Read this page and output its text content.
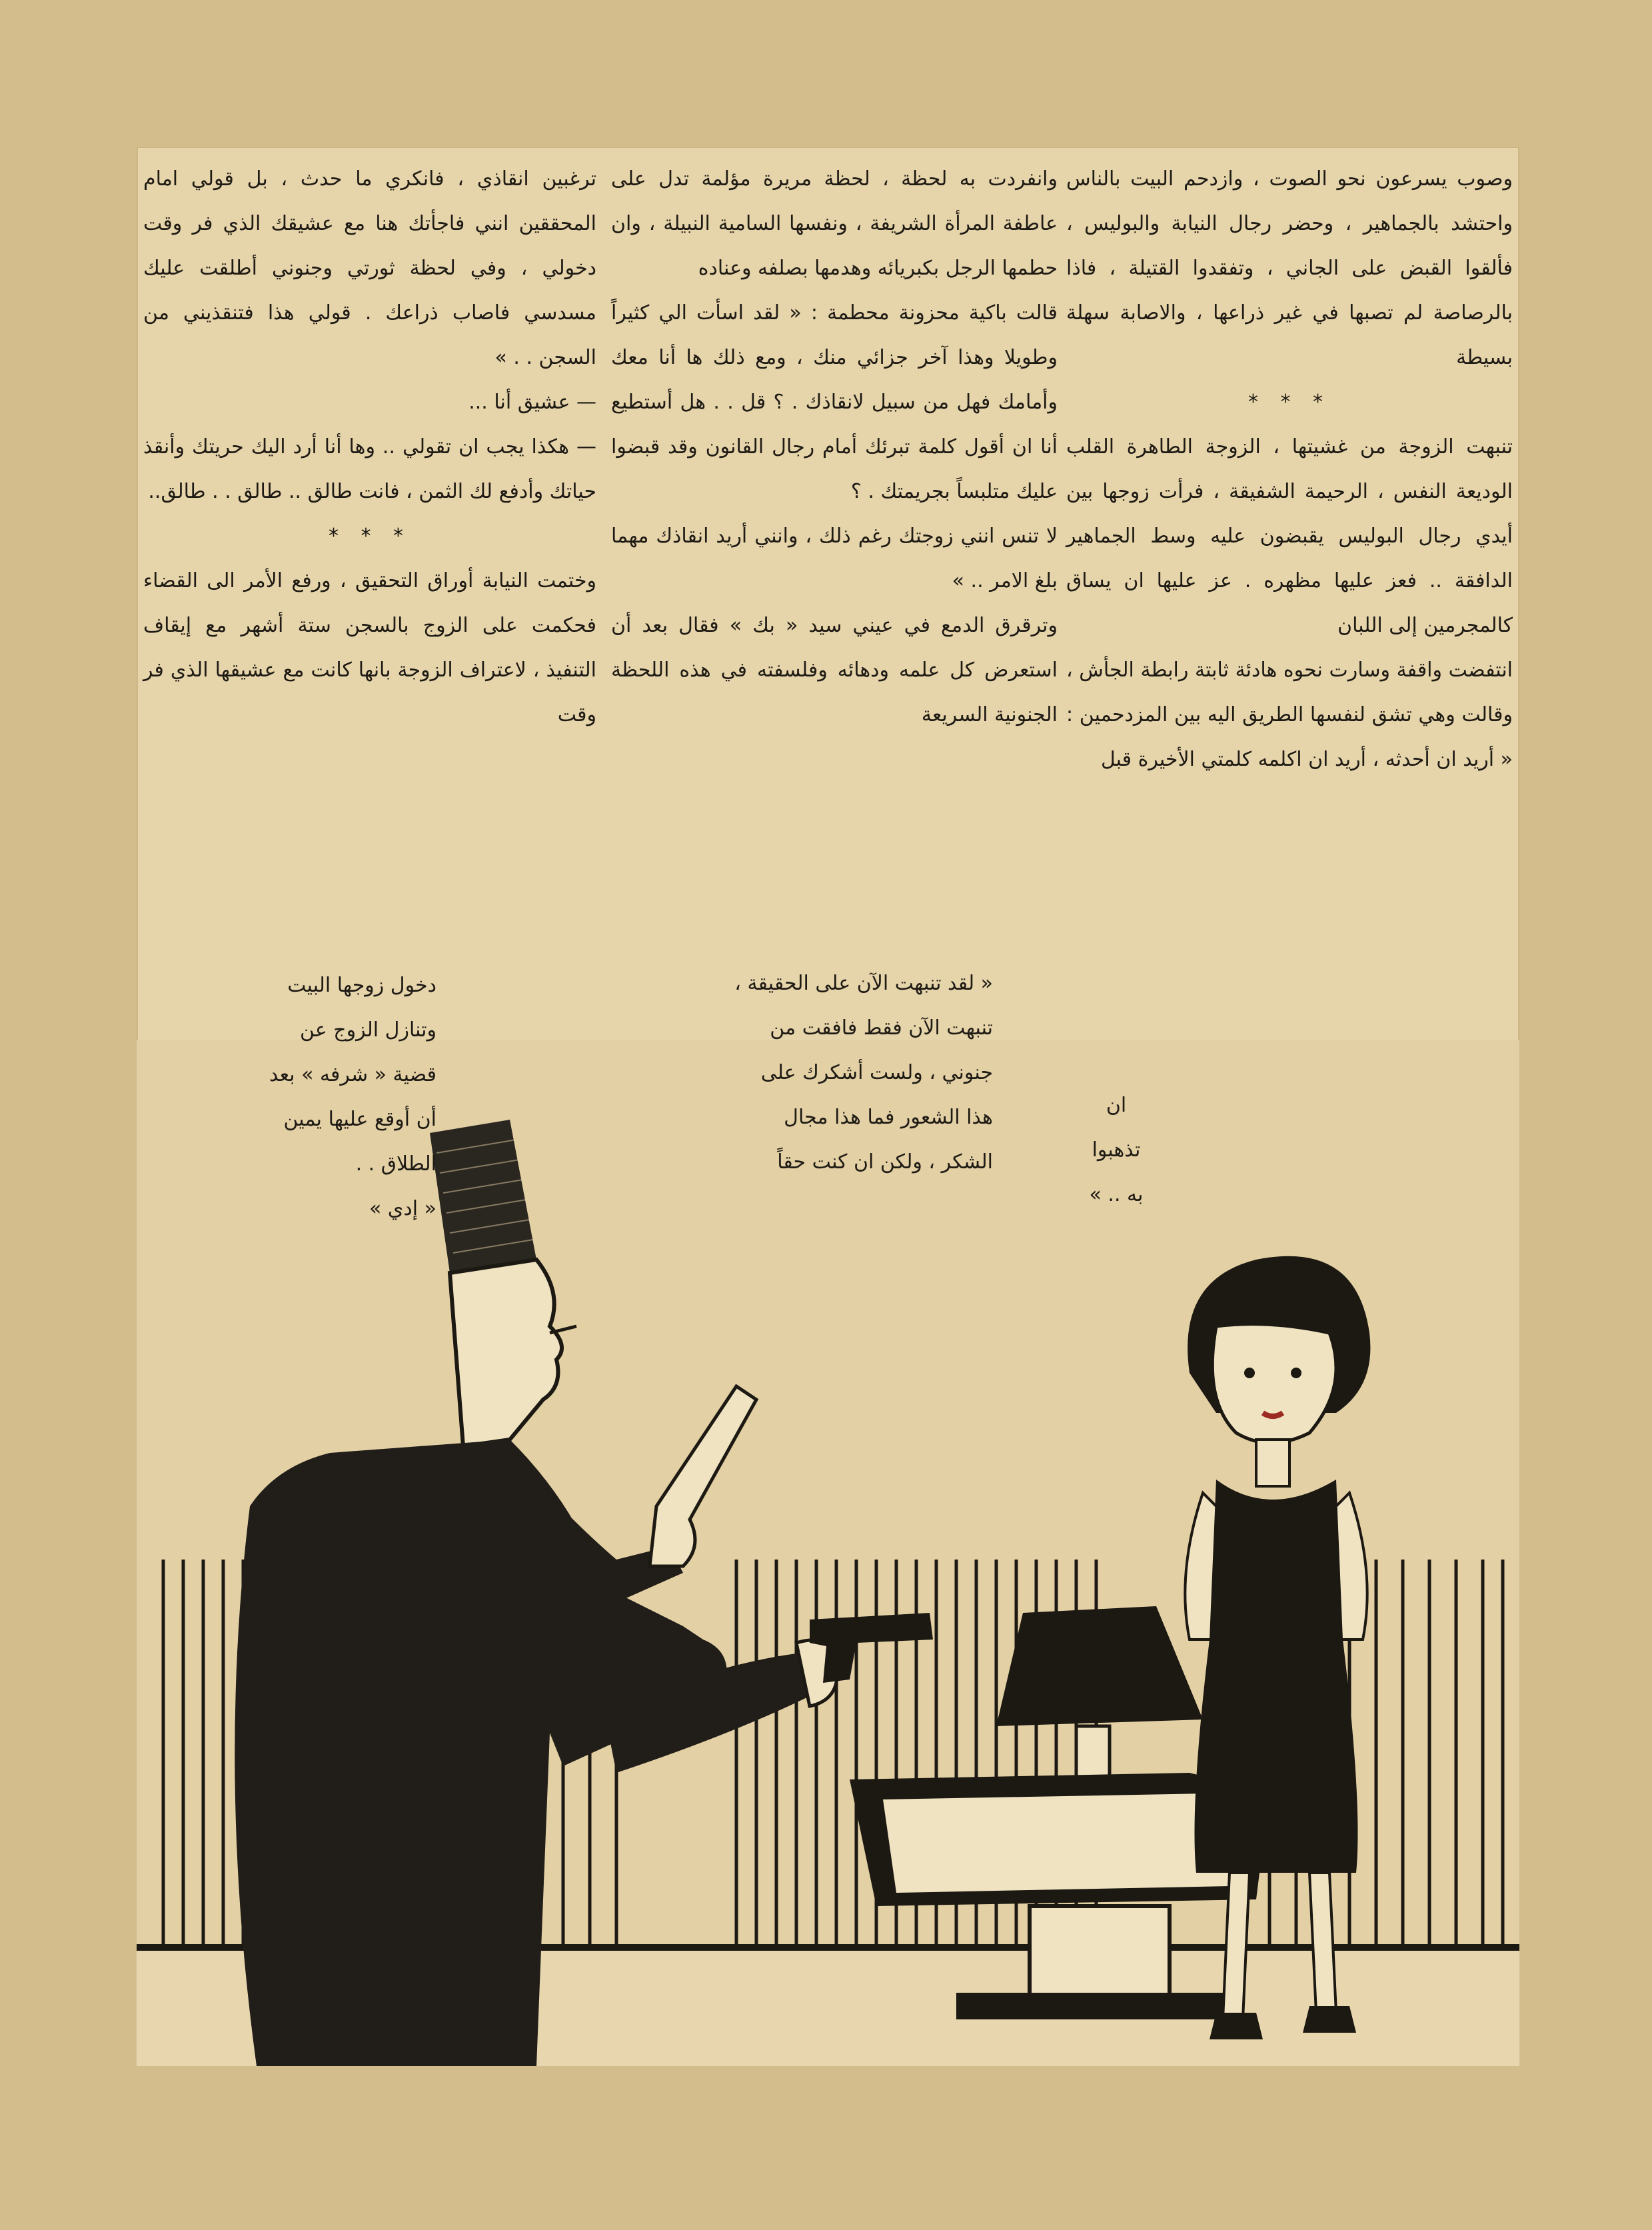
وصوب يسرعون نحو الصوت ، وازدحم البيت بالناس واحتشد بالجماهير ، وحضر رجال النيابة والبوليس ، فألقوا القبض على الجاني ، وتفقدوا القتيلة ، فاذا بالرصاصة لم تصبها في غير ذراعها ، والاصابة سهلة بسيطة

* * *

تنبهت الزوجة من غشيتها ، الزوجة الطاهرة القلب الوديعة النفس ، الرحيمة الشفيقة ، فرأت زوجها بين أيدي رجال البوليس يقبضون عليه وسط الجماهير الدافقة .. فعز عليها مظهره . عز عليها ان يساق كالمجرمين إلى اللبان

انتفضت واقفة وسارت نحوه هادئة ثابتة رابطة الجأش ، وقالت وهي تشق لنفسها الطريق اليه بين المزدحمين : « أريد ان أحدثه ، أريد ان اكلمه كلمتي الأخيرة قبل

وانفردت به لحظة ، لحظة مريرة مؤلمة تدل على عاطفة المرأة الشريفة ، ونفسها السامية النبيلة ، وان حطمها الرجل بكبريائه وهدمها بصلفه وعناده

قالت باكية محزونة محطمة : « لقد اسأت الي كثيراً وطويلا وهذا آخر جزائي منك ، ومع ذلك ها أنا معك وأمامك فهل من سبيل لانقاذك . ؟ قل . . هل أستطيع أنا ان أقول كلمة تبرئك أمام رجال القانون وقد قبضوا عليك متلبساً بجريمتك . ؟

لا تنس انني زوجتك رغم ذلك ، وانني أريد انقاذك مهما بلغ الامر .. »

وترقرق الدمع في عيني سيد « بك » فقال بعد أن استعرض كل علمه ودهائه وفلسفته في هذه اللحظة الجنونية السريعة

ترغبين انقاذي ، فانكري ما حدث ، بل قولي امام المحققين انني فاجأتك هنا مع عشيقك الذي فر وقت دخولي ، وفي لحظة ثورتي وجنوني أطلقت عليك مسدسي فاصاب ذراعك . قولي هذا فتنقذيني من السجن . . »

— عشيق أنا ...

— هكذا يجب ان تقولي .. وها أنا أرد اليك حريتك وأنقذ حياتك وأدفع لك الثمن ، فانت طالق .. طالق . . طالق..

* * *

وختمت النيابة أوراق التحقيق ، ورفع الأمر الى القضاء فحكمت على الزوج بالسجن ستة أشهر مع إيقاف التنفيذ ، لاعتراف الزوجة بانها كانت مع عشيقها الذي فر وقت

دخول زوجها البيت
وتنازل الزوج عن
قضية « شرفه » بعد
أن أوقع عليها يمين
الطلاق . .
« إدي »
« لقد تنبهت الآن على الحقيقة ،
تنبهت الآن فقط فافقت من
جنوني ، ولست أشكرك على
هذا الشعور فما هذا مجال
الشكر ، ولكن ان كنت حقاً
ان
تذهبوا
به .. »
